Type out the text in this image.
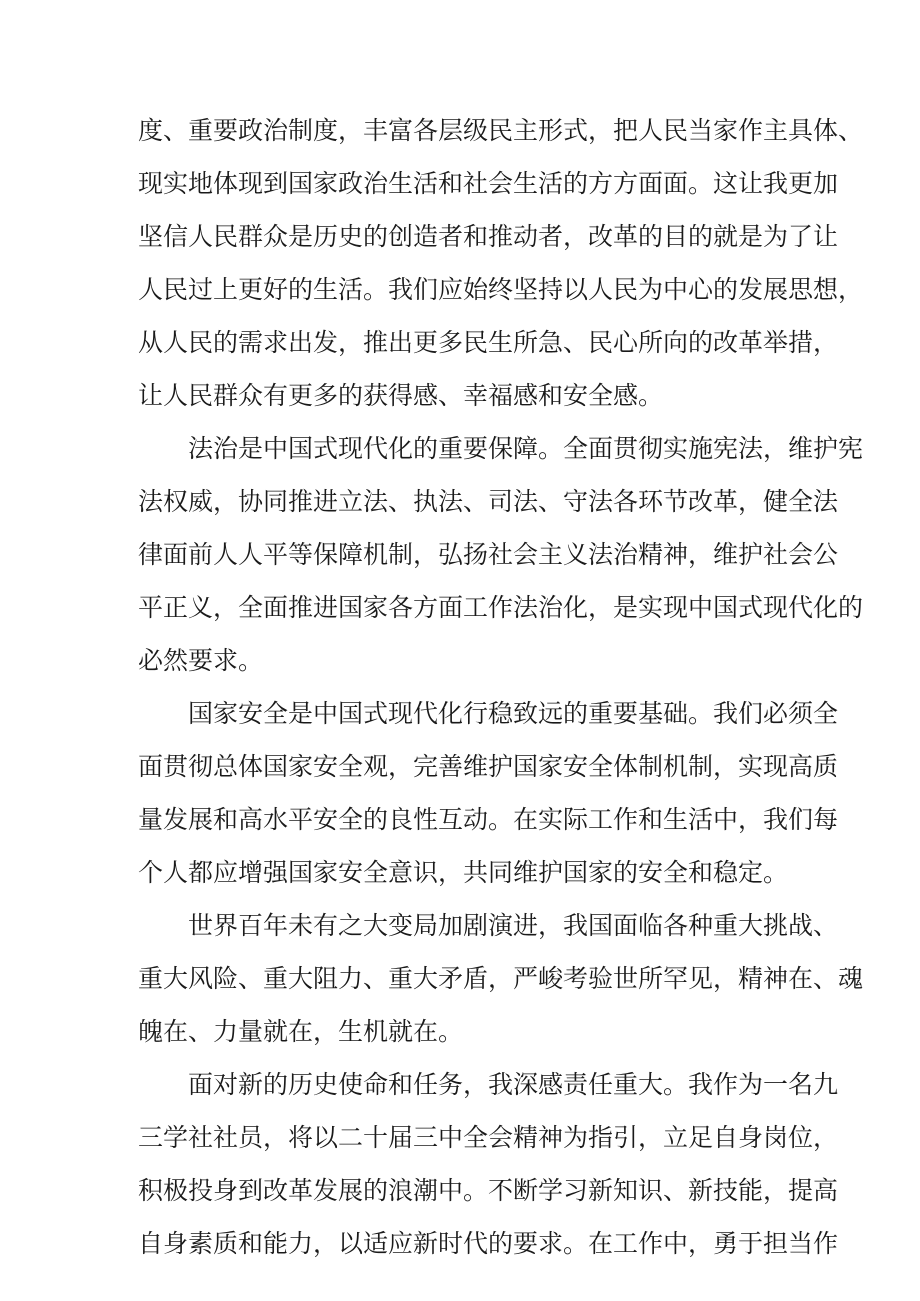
度、重要政治制度，丰富各层级民主形式，把人民当家作主具体、
现实地体现到国家政治生活和社会生活的方方面面。这让我更加
坚信人民群众是历史的创造者和推动者，改革的目的就是为了让
人民过上更好的生活。我们应始终坚持以人民为中心的发展思想，
从人民的需求出发，推出更多民生所急、民心所向的改革举措，
让人民群众有更多的获得感、幸福感和安全感。
法治是中国式现代化的重要保障。全面贯彻实施宪法，维护宪
法权威，协同推进立法、执法、司法、守法各环节改革，健全法
律面前人人平等保障机制，弘扬社会主义法治精神，维护社会公
平正义，全面推进国家各方面工作法治化，是实现中国式现代化的
必然要求。
国家安全是中国式现代化行稳致远的重要基础。我们必须全
面贯彻总体国家安全观，完善维护国家安全体制机制，实现高质
量发展和高水平安全的良性互动。在实际工作和生活中，我们每
个人都应增强国家安全意识，共同维护国家的安全和稳定。
世界百年未有之大变局加剧演进，我国面临各种重大挑战、
重大风险、重大阻力、重大矛盾，严峻考验世所罕见，精神在、魂
魄在、力量就在，生机就在。
面对新的历史使命和任务，我深感责任重大。我作为一名九
三学社社员，将以二十届三中全会精神为指引，立足自身岗位，
积极投身到改革发展的浪潮中。不断学习新知识、新技能，提高
自身素质和能力，以适应新时代的要求。在工作中，勇于担当作
